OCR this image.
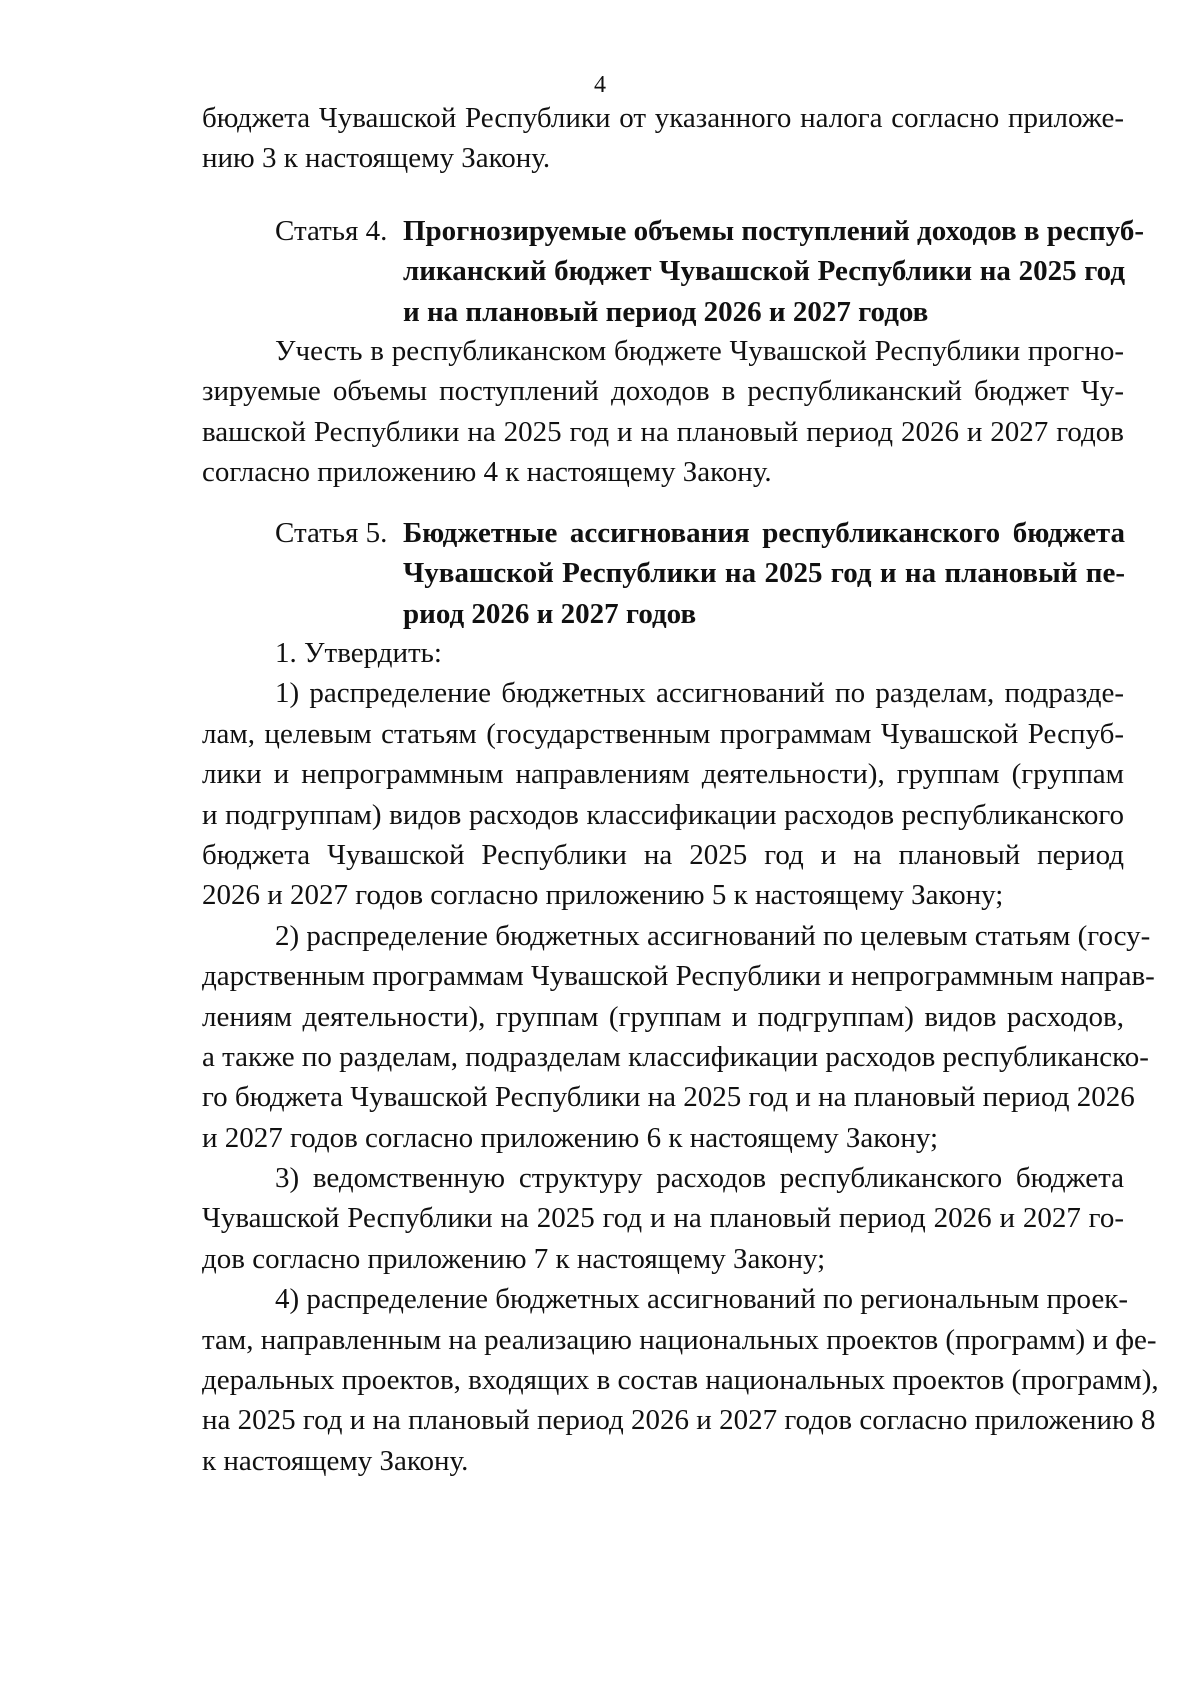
4
бюджета Чувашской Республики от указанного налога согласно приложе-
нию 3 к настоящему Закону.
Статья 4. Прогнозируемые объемы поступлений доходов в респуб-
ликанский бюджет Чувашской Республики на 2025 год
и на плановый период 2026 и 2027 годов
Учесть в республиканском бюджете Чувашской Республики прогно-
зируемые объемы поступлений доходов в республиканский бюджет Чу-
вашской Республики на 2025 год и на плановый период 2026 и 2027 годов
согласно приложению 4 к настоящему Закону.
Статья 5. Бюджетные ассигнования республиканского бюджета
Чувашской Республики на 2025 год и на плановый пе-
риод 2026 и 2027 годов
1. Утвердить:
1) распределение бюджетных ассигнований по разделам, подразде-
лам, целевым статьям (государственным программам Чувашской Респуб-
лики и непрограммным направлениям деятельности), группам (группам
и подгруппам) видов расходов классификации расходов республиканского
бюджета Чувашской Республики на 2025 год и на плановый период
2026 и 2027 годов согласно приложению 5 к настоящему Закону;
2) распределение бюджетных ассигнований по целевым статьям (госу-
дарственным программам Чувашской Республики и непрограммным направ-
лениям деятельности), группам (группам и подгруппам) видов расходов,
а также по разделам, подразделам классификации расходов республиканско-
го бюджета Чувашской Республики на 2025 год и на плановый период 2026
и 2027 годов согласно приложению 6 к настоящему Закону;
3) ведомственную структуру расходов республиканского бюджета
Чувашской Республики на 2025 год и на плановый период 2026 и 2027 го-
дов согласно приложению 7 к настоящему Закону;
4) распределение бюджетных ассигнований по региональным проек-
там, направленным на реализацию национальных проектов (программ) и фе-
деральных проектов, входящих в состав национальных проектов (программ),
на 2025 год и на плановый период 2026 и 2027 годов согласно приложению 8
к настоящему Закону.
